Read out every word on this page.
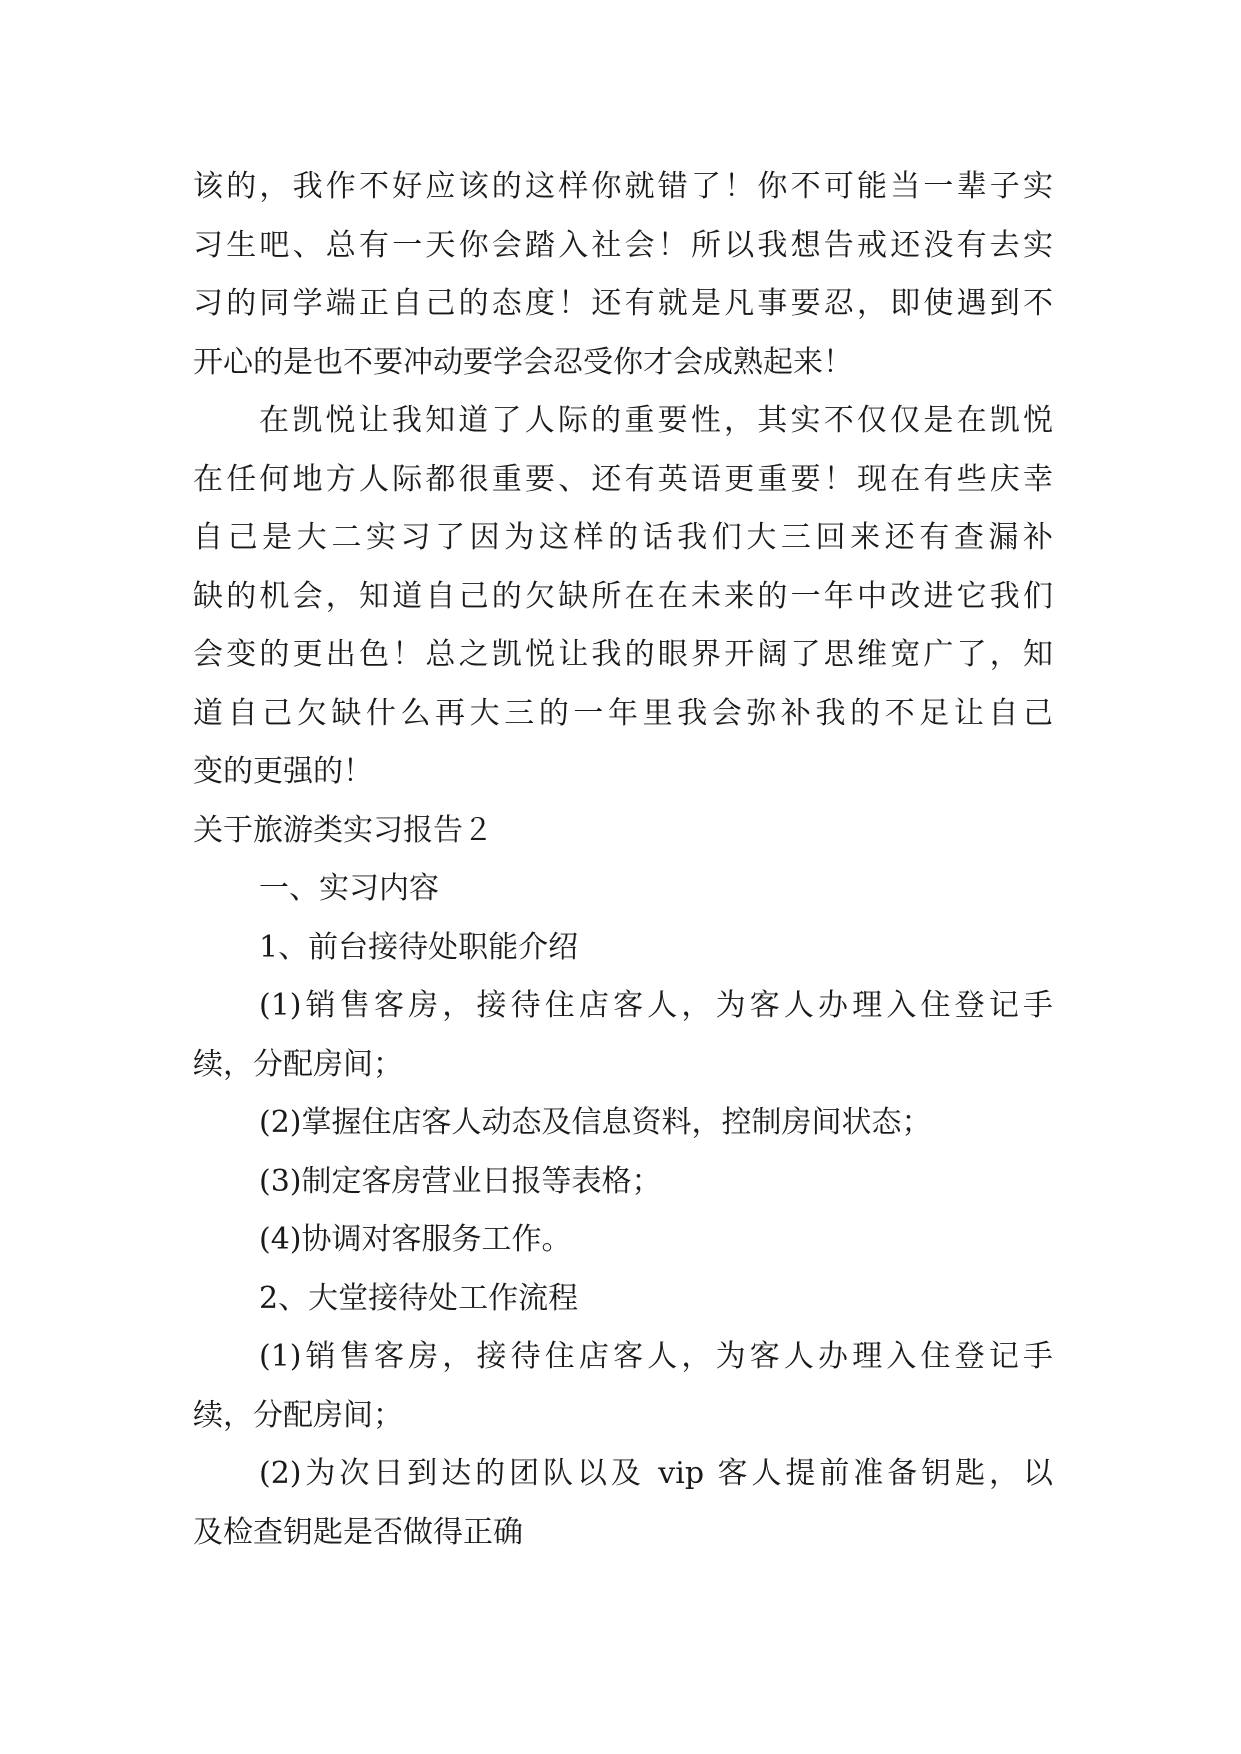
该的，我作不好应该的这样你就错了！你不可能当一辈子实
习生吧、总有一天你会踏入社会！所以我想告戒还没有去实
习的同学端正自己的态度！还有就是凡事要忍，即使遇到不
开心的是也不要冲动要学会忍受你才会成熟起来！
在凯悦让我知道了人际的重要性，其实不仅仅是在凯悦
在任何地方人际都很重要、还有英语更重要！现在有些庆幸
自己是大二实习了因为这样的话我们大三回来还有查漏补
缺的机会，知道自己的欠缺所在在未来的一年中改进它我们
会变的更出色！总之凯悦让我的眼界开阔了思维宽广了，知
道自己欠缺什么再大三的一年里我会弥补我的不足让自己
变的更强的！
关于旅游类实习报告２
一、实习内容
1、前台接待处职能介绍
(1)销售客房，接待住店客人，为客人办理入住登记手
续，分配房间；
(2)掌握住店客人动态及信息资料，控制房间状态；
(3)制定客房营业日报等表格；
(4)协调对客服务工作。
2、大堂接待处工作流程
(1)销售客房，接待住店客人，为客人办理入住登记手
续，分配房间；
(2)为次日到达的团队以及 vip 客人提前准备钥匙，以
及检查钥匙是否做得正确
